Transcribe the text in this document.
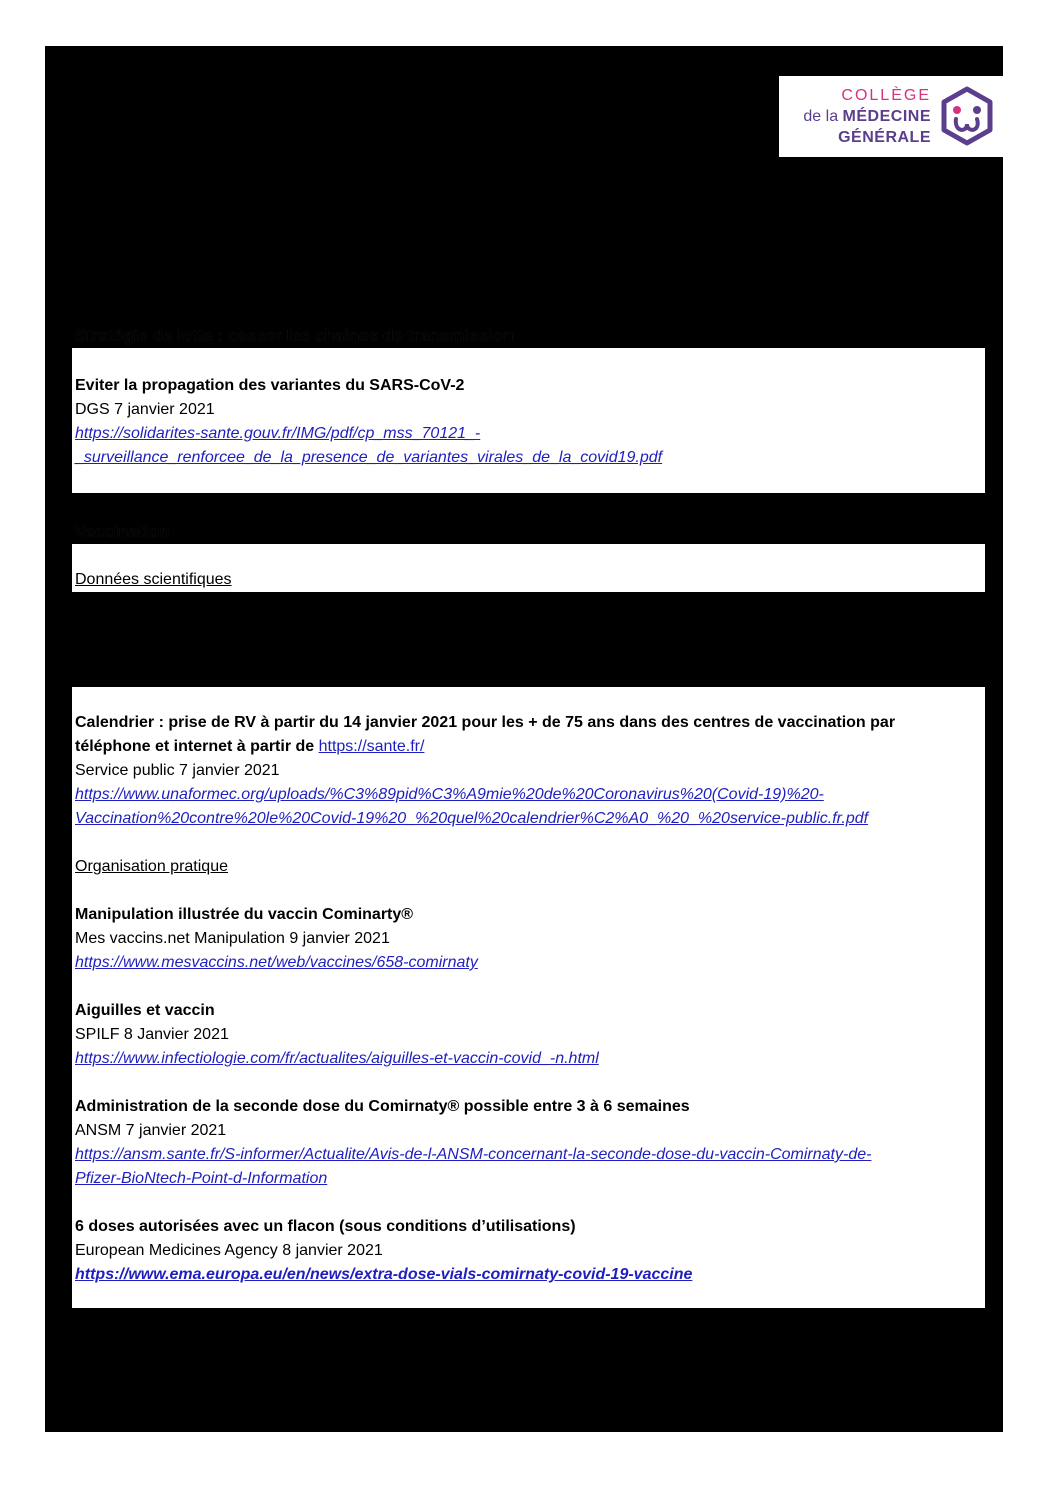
COLLÈGE
de la MÉDECINE
GÉNÉRALE
Stratégie de lutte : casser les chaines de transmission

Eviter la propagation des variantes du SARS-CoV-2

DGS 7 janvier 2021

https://solidarites-sante.gouv.fr/IMG/pdf/cp_mss_70121_-

_surveillance_renforcee_de_la_presence_de_variantes_virales_de_la_covid19.pdf

Vaccination

Données scientifiques

https://www.nejm.org/doi/full/10.1056/NEJMra2035343

Calendrier : prise de RV à partir du 14 janvier 2021 pour les + de 75 ans dans des centres de vaccination par

téléphone et internet à partir de https://sante.fr/

Service public 7 janvier 2021

https://www.unaformec.org/uploads/%C3%89pid%C3%A9mie%20de%20Coronavirus%20(Covid-19)%20-

Vaccination%20contre%20le%20Covid-19%20_%20quel%20calendrier%C2%A0_%20_%20service-public.fr.pdf

Organisation pratique

Manipulation illustrée du vaccin Cominarty®

Mes vaccins.net Manipulation 9 janvier 2021

https://www.mesvaccins.net/web/vaccines/658-comirnaty

Aiguilles et vaccin

SPILF 8 Janvier 2021

https://www.infectiologie.com/fr/actualites/aiguilles-et-vaccin-covid_-n.html

Administration de la seconde dose du Comirnaty® possible entre 3 à 6 semaines

ANSM 7 janvier 2021

https://ansm.sante.fr/S-informer/Actualite/Avis-de-l-ANSM-concernant-la-seconde-dose-du-vaccin-Comirnaty-de-

Pfizer-BioNtech-Point-d-Information

6 doses autorisées avec un flacon (sous conditions d’utilisations)

European Medicines Agency 8 janvier 2021

https://www.ema.europa.eu/en/news/extra-dose-vials-comirnaty-covid-19-vaccine
